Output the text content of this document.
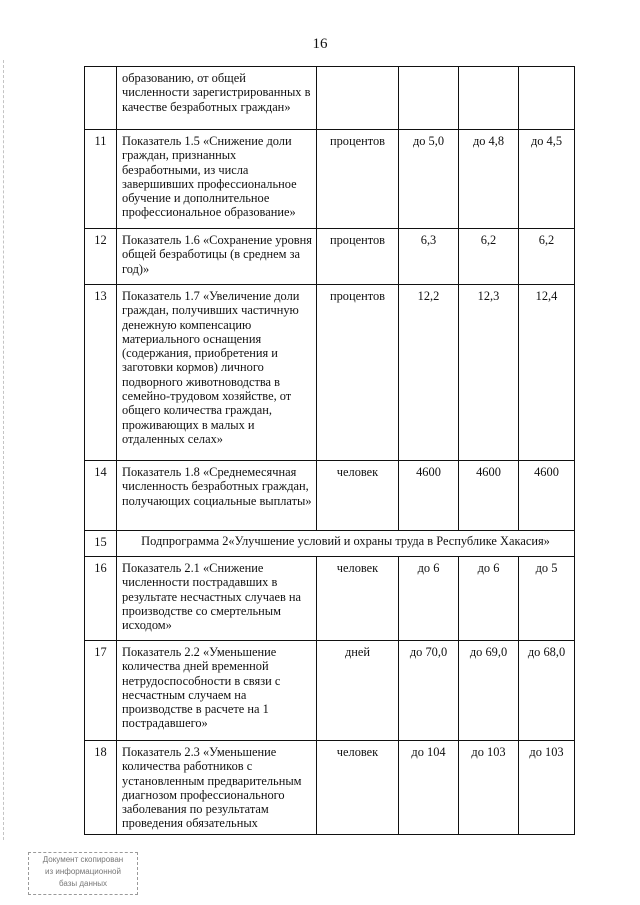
16
	образованию, от общей численности зарегистрированных в качестве безработных граждан»				
11	Показатель 1.5 «Снижение доли граждан, признанных безработными, из числа завершивших профессиональное обучение и дополнительное профессиональное образование»	процентов	до 5,0	до 4,8	до 4,5
12	Показатель 1.6 «Сохранение уровня общей безработицы (в среднем за год)»	процентов	6,3	6,2	6,2
13	Показатель 1.7 «Увеличение доли граждан, получивших частичную денежную компенсацию материального оснащения (содержания, приобретения и заготовки кормов) личного подворного животноводства в семейно-трудовом хозяйстве, от общего количества граждан, проживающих в малых и отдаленных селах»	процентов	12,2	12,3	12,4
14	Показатель 1.8 «Среднемесячная численность безработных граждан, получающих социальные выплаты»	человек	4600	4600	4600
15	Подпрограмма 2«Улучшение условий и охраны труда в Республике Хакасия»				
16	Показатель 2.1 «Снижение численности пострадавших в результате несчастных случаев на производстве со смертельным исходом»	человек	до 6	до 6	до 5
17	Показатель 2.2 «Уменьшение количества дней временной нетрудоспособности в связи с несчастным случаем на производстве в расчете на 1 пострадавшего»	дней	до 70,0	до 69,0	до 68,0
18	Показатель 2.3 «Уменьшение количества работников с установленным предварительным диагнозом профессионального заболевания по результатам проведения обязательных	человек	до 104	до 103	до 103
Документ скопирован
из информационной
базы данных
